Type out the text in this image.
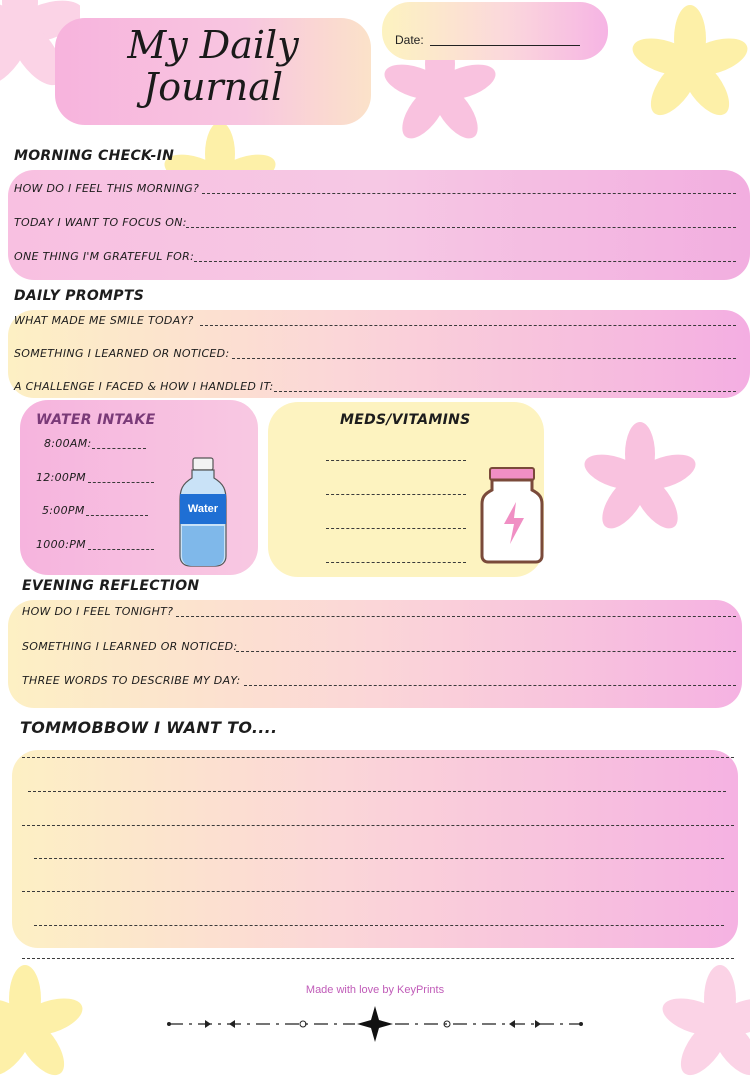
My Daily
Journal
Date:
MORNING CHECK-IN
HOW DO I FEEL THIS MORNING?
TODAY I WANT TO FOCUS ON:
ONE THING I'M GRATEFUL FOR:
DAILY PROMPTS
WHAT MADE ME SMILE TODAY?
SOMETHING I LEARNED OR NOTICED:
A CHALLENGE I FACED & HOW I HANDLED IT:
WATER INTAKE
8:00AM:
12:00PM
5:00PM
1000:PM
Water
MEDS/VITAMINS
EVENING REFLECTION
HOW DO I FEEL TONIGHT?
SOMETHING I LEARNED OR NOTICED:
THREE WORDS TO DESCRIBE MY DAY:
TOMMOBBOW I WANT TO....
Made with love by KeyPrints
